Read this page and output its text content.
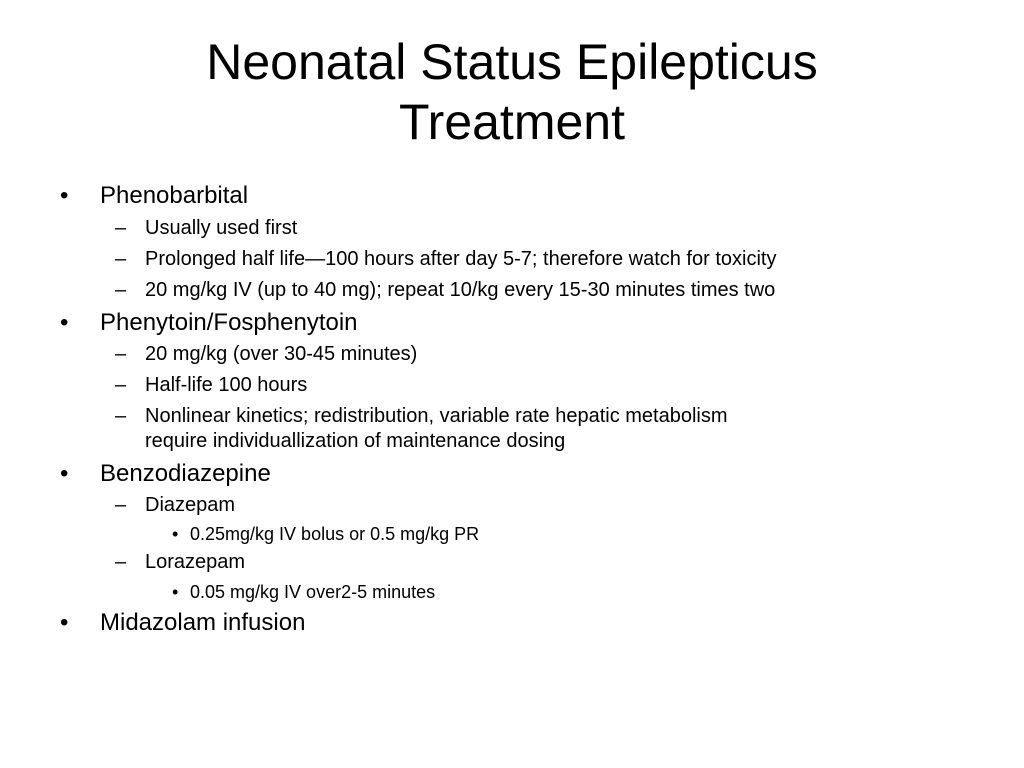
Neonatal Status Epilepticus
Treatment
• Phenobarbital
– Usually used first
– Prolonged half life—100 hours after day 5-7; therefore watch for toxicity
– 20 mg/kg IV (up to 40 mg); repeat 10/kg every 15-30 minutes times two
• Phenytoin/Fosphenytoin
– 20 mg/kg (over 30-45 minutes)
– Half-life 100 hours
– Nonlinear kinetics; redistribution, variable rate hepatic metabolism
require individuallization of maintenance dosing
• Benzodiazepine
– Diazepam
• 0.25mg/kg IV bolus or 0.5 mg/kg PR
– Lorazepam
• 0.05 mg/kg IV over2-5 minutes
• Midazolam infusion
